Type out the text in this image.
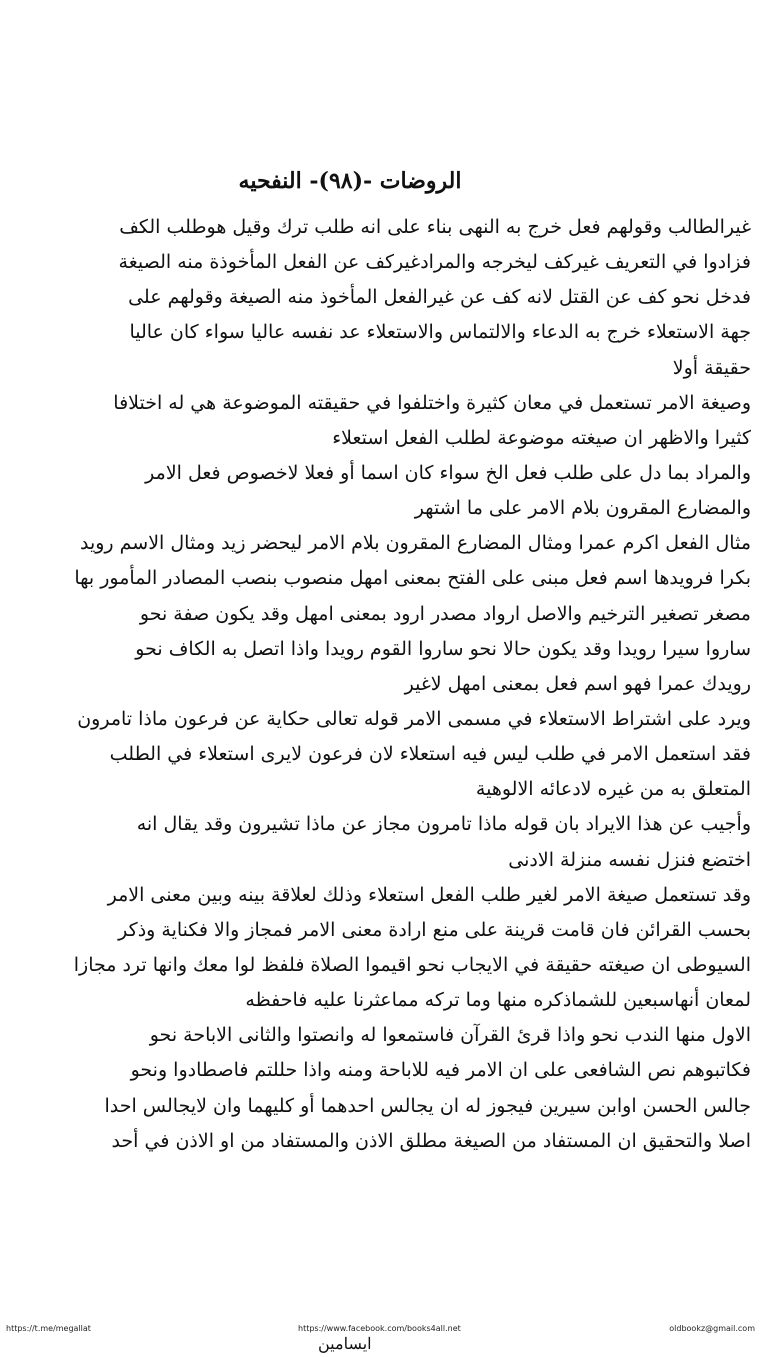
الروضات -(٩٨)- النفحيه
غيرالطالب وقولهم فعل خرج به النهى بناء على انه طلب ترك وقيل هوطلب الكف
فزادوا في التعريف غيركف ليخرجه والمرادغيركف عن الفعل المأخوذة منه الصيغة
فدخل نحو كف عن القتل لانه كف عن غيرالفعل المأخوذ منه الصيغة وقولهم على
جهة الاستعلاء خرج به الدعاء والالتماس والاستعلاء عد نفسه عاليا سواء كان عاليا
حقيقة أولا
وصيغة الامر تستعمل في معان كثيرة واختلفوا في حقيقته الموضوعة هي له اختلافا
كثيرا والاظهر ان صيغته موضوعة لطلب الفعل استعلاء
والمراد بما دل على طلب فعل الخ سواء كان اسما أو فعلا لاخصوص فعل الامر
والمضارع المقرون بلام الامر على ما اشتهر
مثال الفعل اكرم عمرا ومثال المضارع المقرون بلام الامر ليحضر زيد ومثال الاسم رويد
بكرا فرويدها اسم فعل مبنى على الفتح بمعنى امهل منصوب بنصب المصادر المأمور بها
مصغر تصغير الترخيم والاصل ارواد مصدر ارود بمعنى امهل وقد يكون صفة نحو
ساروا سيرا رويدا وقد يكون حالا نحو ساروا القوم رويدا واذا اتصل به الكاف نحو
رويدك عمرا فهو اسم فعل بمعنى امهل لاغير
ويرد على اشتراط الاستعلاء في مسمى الامر قوله تعالى حكاية عن فرعون ماذا تامرون
فقد استعمل الامر في طلب ليس فيه استعلاء لان فرعون لايرى استعلاء في الطلب
المتعلق به من غيره لادعائه الالوهية
وأجيب عن هذا الايراد بان قوله ماذا تامرون مجاز عن ماذا تشيرون وقد يقال انه
اختضع فنزل نفسه منزلة الادنى
وقد تستعمل صيغة الامر لغير طلب الفعل استعلاء وذلك لعلاقة بينه وبين معنى الامر
بحسب القرائن فان قامت قرينة على منع ارادة معنى الامر فمجاز والا فكناية وذكر
السيوطى ان صيغته حقيقة في الايجاب نحو اقيموا الصلاة فلفظ لوا معك وانها ترد مجازا
لمعان أنهاسبعين للشماذكره منها وما تركه مماعثرنا عليه فاحفظه
الاول منها الندب نحو واذا قرئ القرآن فاستمعوا له وانصتوا والثانى الاباحة نحو
فكاتبوهم نص الشافعى على ان الامر فيه للاباحة ومنه واذا حللتم فاصطادوا ونحو
جالس الحسن اوابن سيرين فيجوز له ان يجالس احدهما أو كليهما وان لايجالس احدا
اصلا والتحقيق ان المستفاد من الصيغة مطلق الاذن والمستفاد من او الاذن في أحد
https://t.me/megallat	https://www.facebook.com/books4all.net	oldbookz@gmail.com
ايسامين
